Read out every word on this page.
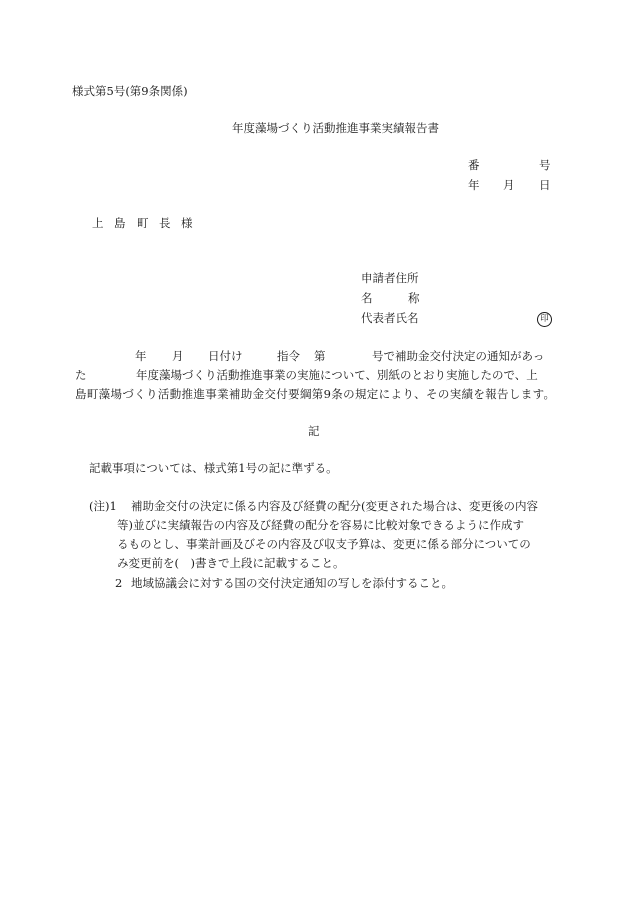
様式第5号(第9条関係)
年度藻場づくり活動推進事業実績報告書
番	号
年 月 日
上 島 町 長 様
申請者住所
名	称
代表者氏名	印
年 月 日付け	指令 第	号で補助金交付決定の通知があっ
た	年度藻場づくり活動推進事業の実施について、別紙のとおり実施したので、上
島町藻場づくり活動推進事業補助金交付要綱第9条の規定により、その実績を報告します。
記
記載事項については、様式第1号の記に準ずる。
(注)1 補助金交付の決定に係る内容及び経費の配分(変更された場合は、変更後の内容
等)並びに実績報告の内容及び経費の配分を容易に比較対象できるように作成す
るものとし、事業計画及びその内容及び収支予算は、変更に係る部分についての
み変更前を(　)書きで上段に記載すること。
2 地域協議会に対する国の交付決定通知の写しを添付すること。
